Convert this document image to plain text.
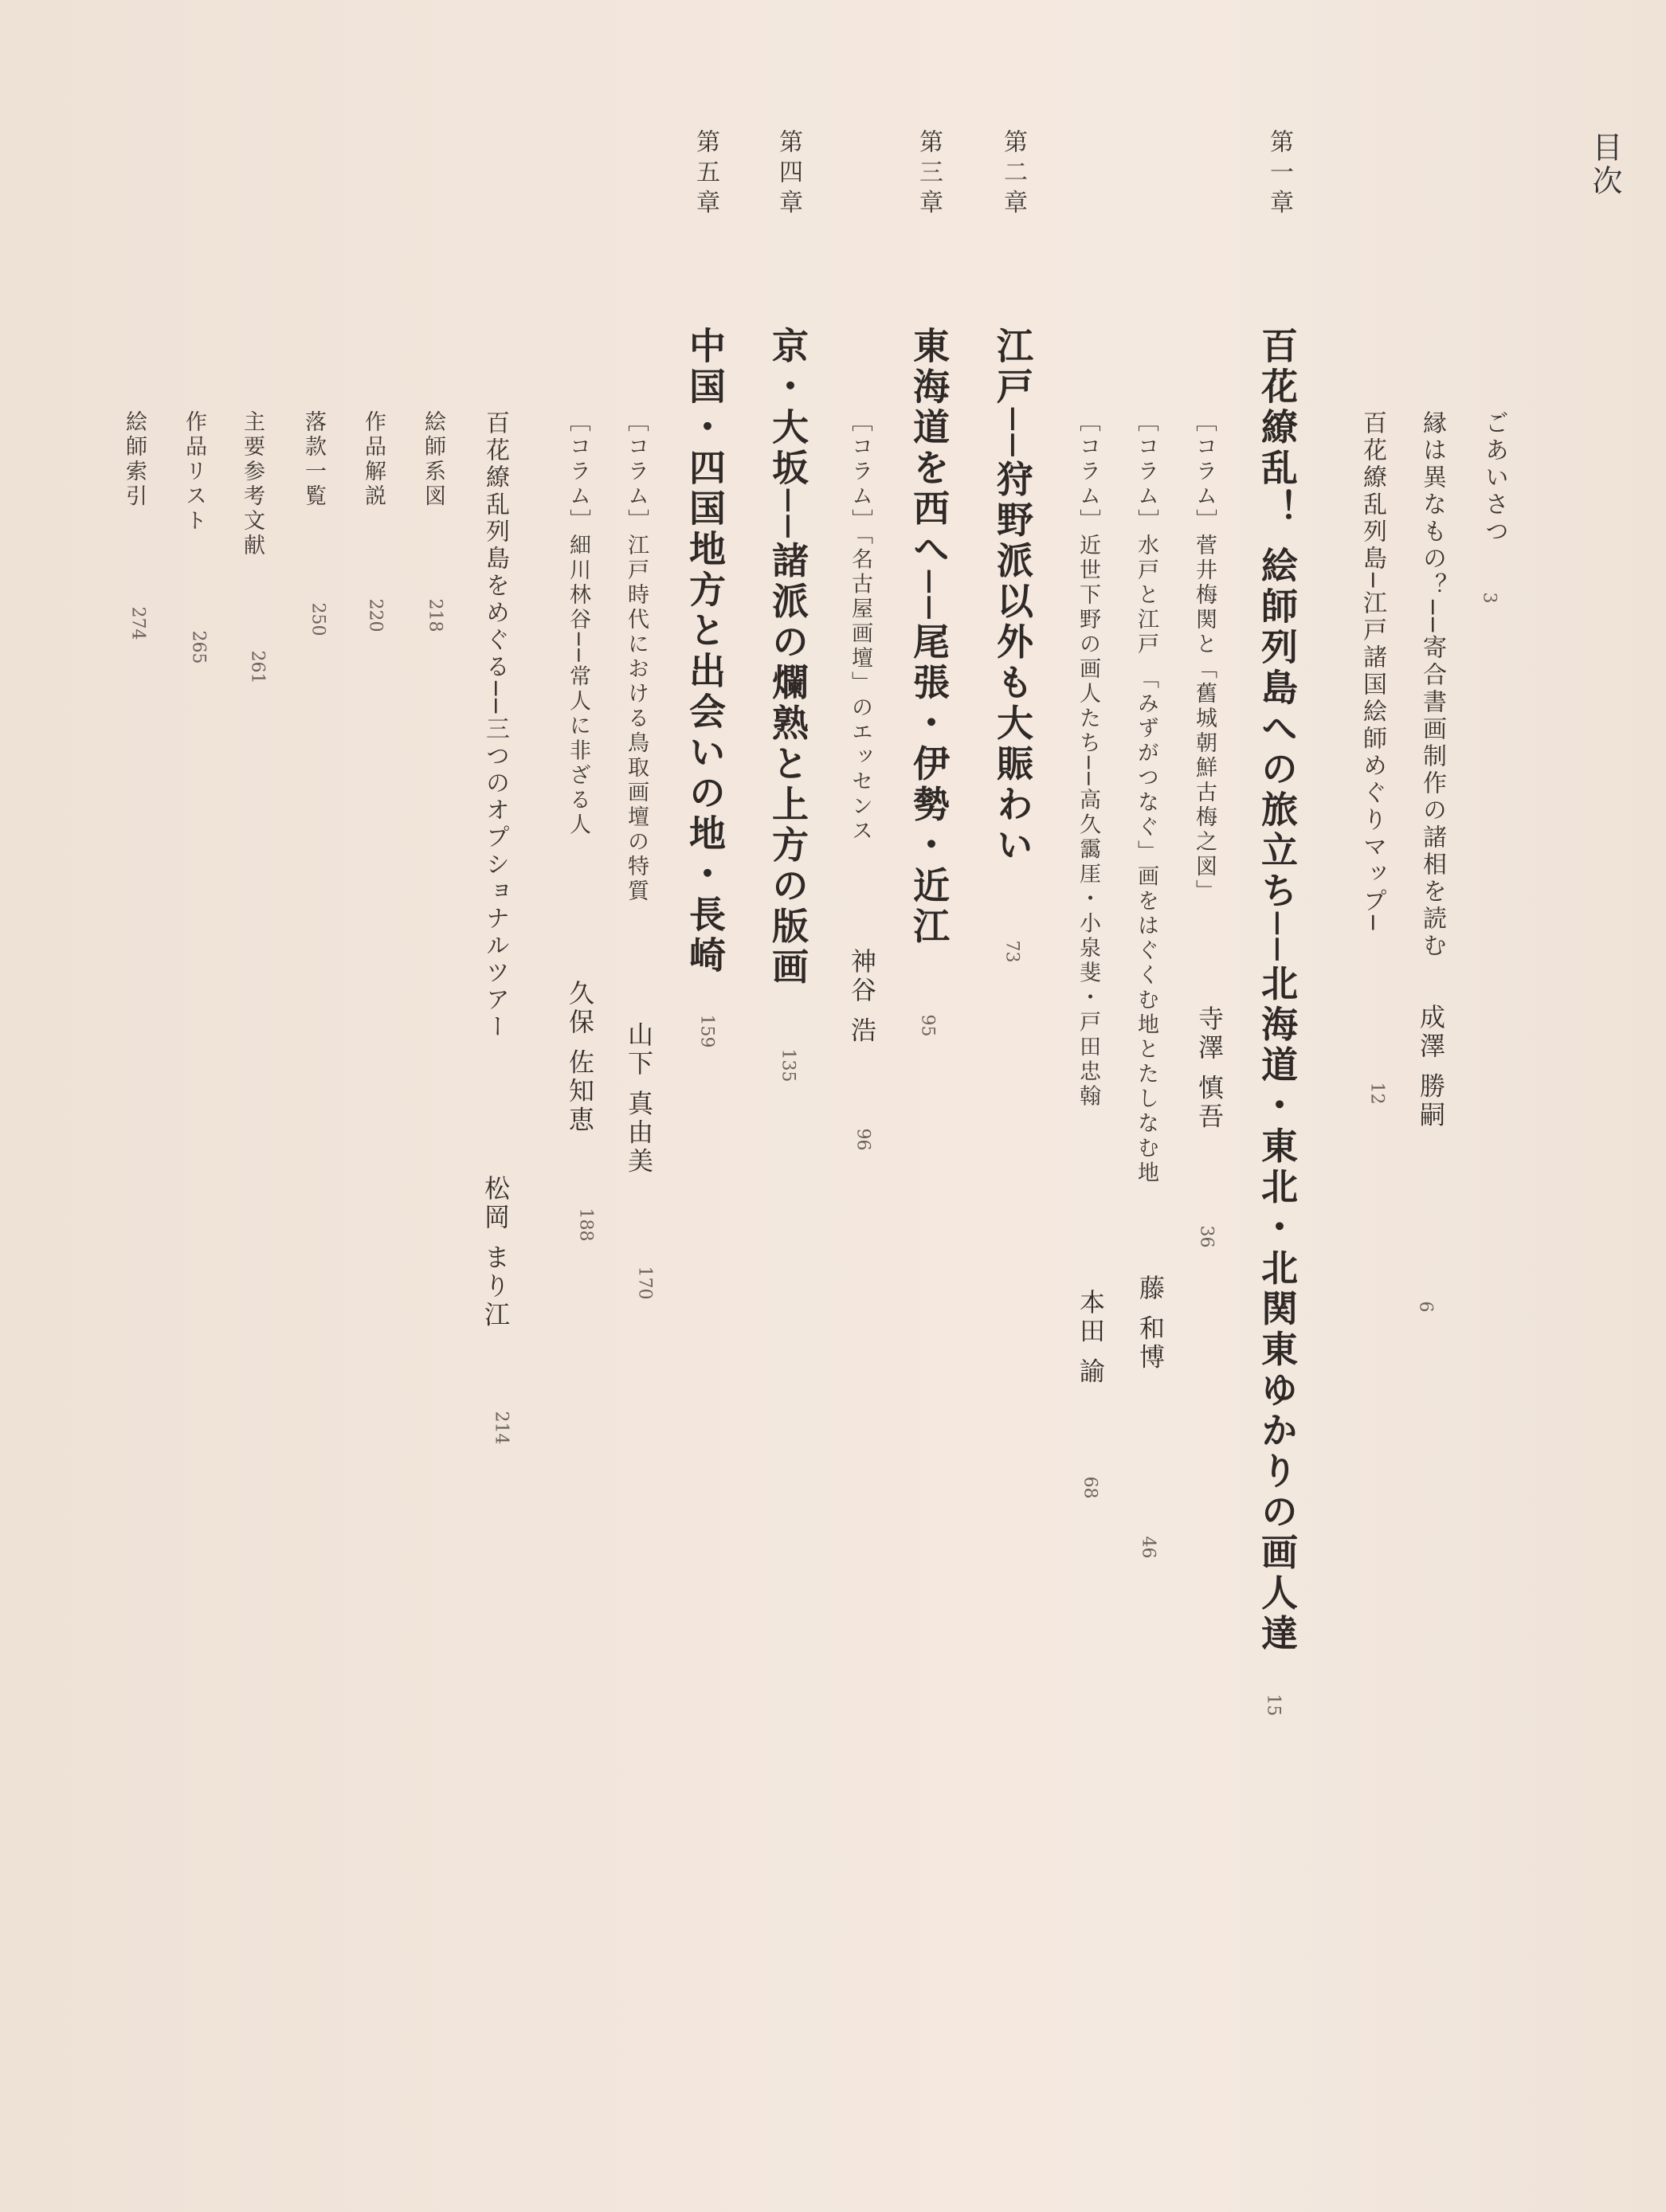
目次
ごあいさつ
3
縁は異なもの？──寄合書画制作の諸相を読む
成澤 勝嗣
6
百花繚乱列島─江戸諸国絵師めぐりマップ─
12
第一章
百花繚乱！ 絵師列島への旅立ち──北海道・東北・北関東ゆかりの画人達
15
［コラム］菅井梅関と「舊城朝鮮古梅之図」
寺澤 慎吾
36
［コラム］水戸と江戸 「みずがつなぐ」画をはぐくむ地とたしなむ地
藤 和博
46
［コラム］近世下野の画人たち──高久靄厓・小泉斐・戸田忠翰
本田 諭
68
第二章
江戸──狩野派以外も大賑わい
73
第三章
東海道を西へ──尾張・伊勢・近江
95
［コラム］「名古屋画壇」のエッセンス
神谷 浩
96
第四章
京・大坂──諸派の爛熟と上方の版画
135
第五章
中国・四国地方と出会いの地・長崎
159
［コラム］江戸時代における鳥取画壇の特質
山下 真由美
170
［コラム］細川林谷──常人に非ざる人
久保 佐知恵
188
百花繚乱列島をめぐる──三つのオプショナルツアー
松岡 まり江
214
絵師系図
218
作品解説
220
落款一覧
250
主要参考文献
261
作品リスト
265
絵師索引
274
